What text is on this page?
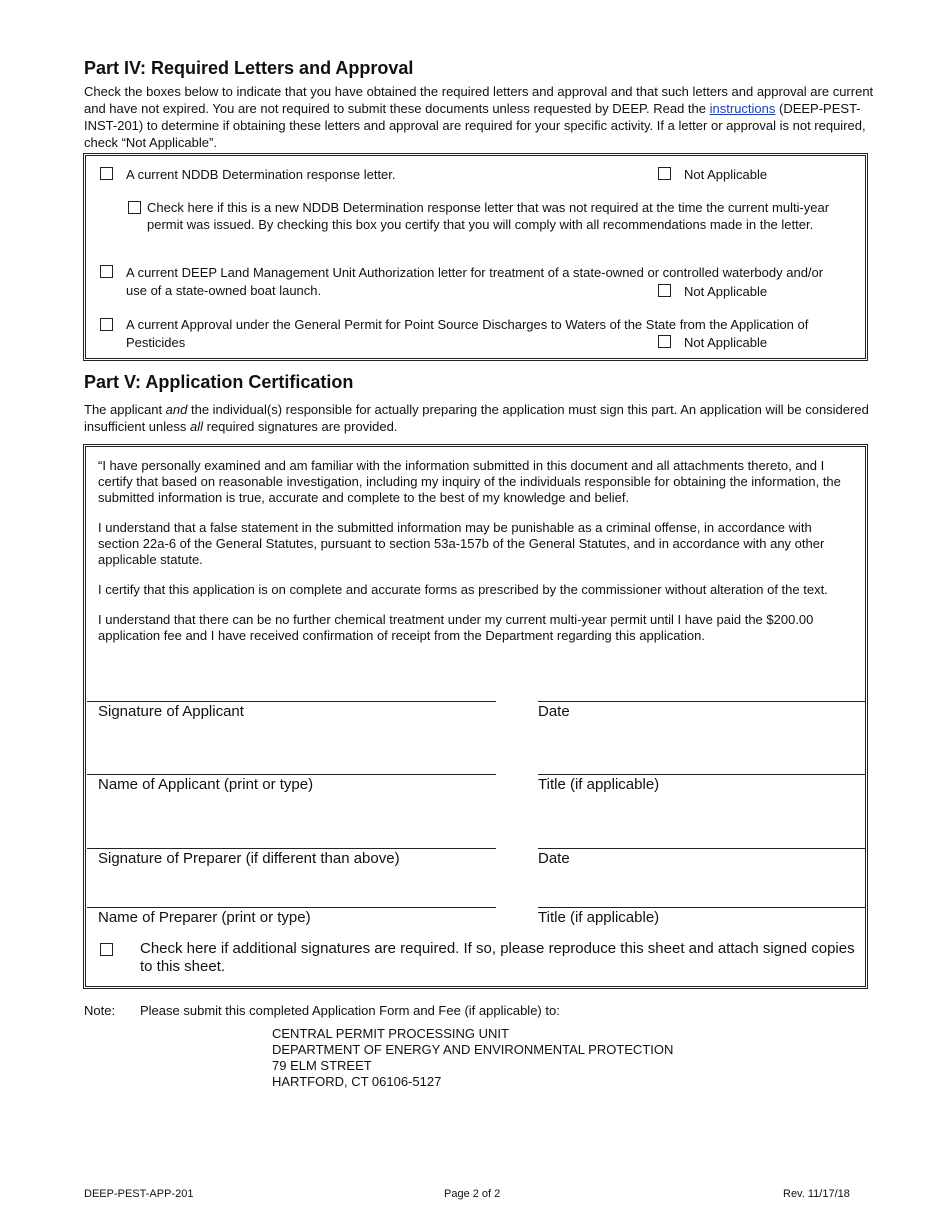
Part IV: Required Letters and Approval
Check the boxes below to indicate that you have obtained the required letters and approval and that such letters and approval are current and have not expired. You are not required to submit these documents unless requested by DEEP. Read the instructions (DEEP-PEST-INST-201) to determine if obtaining these letters and approval are required for your specific activity. If a letter or approval is not required, check “Not Applicable”.
A current NDDB Determination response letter.	Not Applicable
Check here if this is a new NDDB Determination response letter that was not required at the time the current multi-year permit was issued. By checking this box you certify that you will comply with all recommendations made in the letter.
A current DEEP Land Management Unit Authorization letter for treatment of a state-owned or controlled waterbody and/or use of a state-owned boat launch.	Not Applicable
A current Approval under the General Permit for Point Source Discharges to Waters of the State from the Application of Pesticides	Not Applicable
Part V: Application Certification
The applicant and the individual(s) responsible for actually preparing the application must sign this part. An application will be considered insufficient unless all required signatures are provided.

“I have personally examined and am familiar with the information submitted in this document and all attachments thereto, and I certify that based on reasonable investigation, including my inquiry of the individuals responsible for obtaining the information, the submitted information is true, accurate and complete to the best of my knowledge and belief.

I understand that a false statement in the submitted information may be punishable as a criminal offense, in accordance with section 22a-6 of the General Statutes, pursuant to section 53a-157b of the General Statutes, and in accordance with any other applicable statute.

I certify that this application is on complete and accurate forms as prescribed by the commissioner without alteration of the text.

I understand that there can be no further chemical treatment under my current multi-year permit until I have paid the $200.00 application fee and I have received confirmation of receipt from the Department regarding this application.

Signature of Applicant	Date
Name of Applicant (print or type)	Title (if applicable)
Signature of Preparer (if different than above)	Date
Name of Preparer (print or type)	Title (if applicable)
Check here if additional signatures are required. If so, please reproduce this sheet and attach signed copies to this sheet.
Note: Please submit this completed Application Form and Fee (if applicable) to:
CENTRAL PERMIT PROCESSING UNIT
DEPARTMENT OF ENERGY AND ENVIRONMENTAL PROTECTION
79 ELM STREET
HARTFORD, CT 06106-5127
DEEP-PEST-APP-201	Page 2 of 2	Rev. 11/17/18
